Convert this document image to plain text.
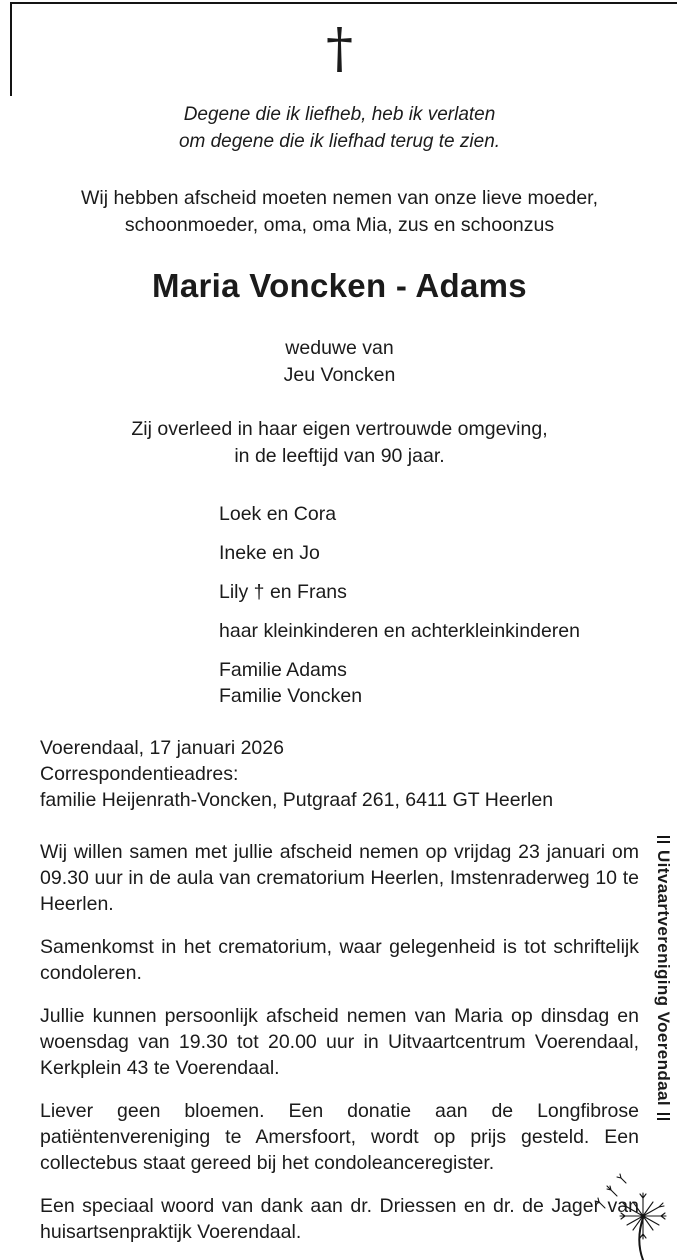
†
Degene die ik liefheb, heb ik verlaten
om degene die ik liefhad terug te zien.
Wij hebben afscheid moeten nemen van onze lieve moeder,
schoonmoeder, oma, oma Mia, zus en schoonzus
Maria Voncken - Adams
weduwe van
Jeu Voncken
Zij overleed in haar eigen vertrouwde omgeving,
in de leeftijd van 90 jaar.
Loek en Cora
Ineke en Jo
Lily † en Frans
haar kleinkinderen en achterkleinkinderen
Familie Adams
Familie Voncken
Voerendaal, 17 januari 2026
Correspondentieadres:
familie Heijenrath-Voncken, Putgraaf 261, 6411 GT Heerlen
Wij willen samen met jullie afscheid nemen op vrijdag 23 januari om 09.30 uur in de aula van crematorium Heerlen, Imstenraderweg 10 te Heerlen.
Samenkomst in het crematorium, waar gelegenheid is tot schriftelijk condoleren.
Jullie kunnen persoonlijk afscheid nemen van Maria op dinsdag en woensdag van 19.30 tot 20.00 uur in Uitvaartcentrum Voerendaal, Kerkplein 43 te Voerendaal.
Liever geen bloemen. Een donatie aan de Longfibrose patiëntenvereniging te Amersfoort, wordt op prijs gesteld. Een collectebus staat gereed bij het condoleanceregister.
Een speciaal woord van dank aan dr. Driessen en dr. de Jager van huisartsenpraktijk Voerendaal.
Uitvaartvereniging Voerendaal
